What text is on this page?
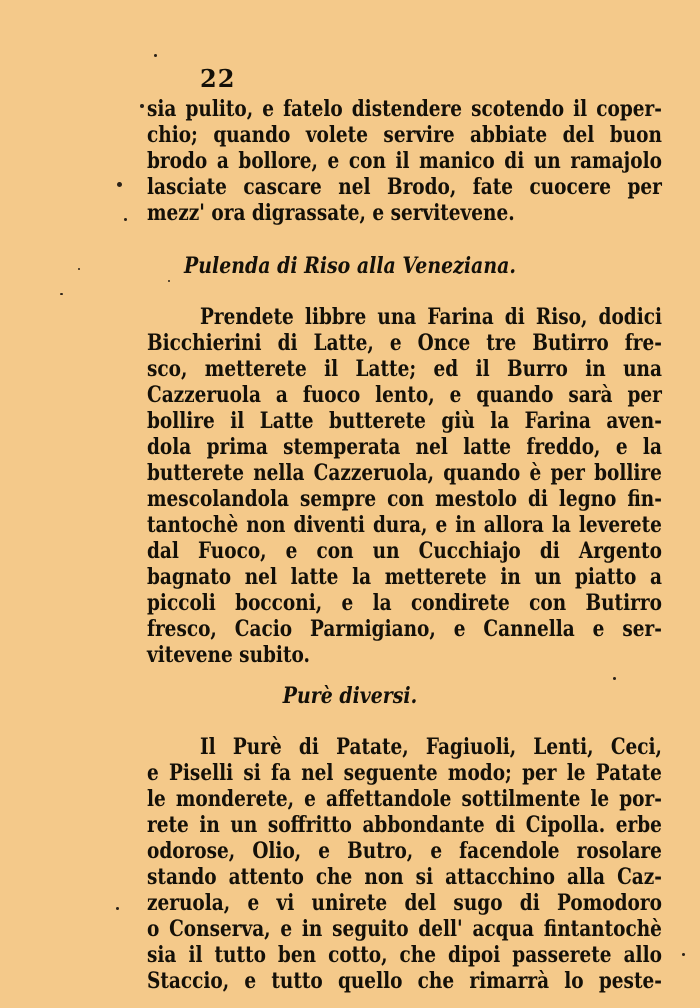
22
sia pulito, e fatelo distendere scotendo il coper-
chio; quando volete servire abbiate del buon
brodo a bollore, e con il manico di un ramajolo
lasciate cascare nel Brodo, fate cuocere per
mezz' ora digrassate, e servitevene.
Pulenda di Riso alla Veneziana.
Prendete libbre una Farina di Riso, dodici
Bicchierini di Latte, e Once tre Butirro fre-
sco, metterete il Latte; ed il Burro in una
Cazzeruola a fuoco lento, e quando sarà per
bollire il Latte butterete giù la Farina aven-
dola prima stemperata nel latte freddo, e la
butterete nella Cazzeruola, quando è per bollire
mescolandola sempre con mestolo di legno fin-
tantochè non diventi dura, e in allora la leverete
dal Fuoco, e con un Cucchiajo di Argento
bagnato nel latte la metterete in un piatto a
piccoli bocconi, e la condirete con Butirro
fresco, Cacio Parmigiano, e Cannella e ser-
vitevene subito.
Purè diversi.
Il Purè di Patate, Fagiuoli, Lenti, Ceci,
e Piselli si fa nel seguente modo; per le Patate
le monderete, e affettandole sottilmente le por-
rete in un soffritto abbondante di Cipolla. erbe
odorose, Olio, e Butro, e facendole rosolare
stando attento che non si attacchino alla Caz-
zeruola, e vi unirete del sugo di Pomodoro
o Conserva, e in seguito dell' acqua fintantochè
sia il tutto ben cotto, che dipoi passerete allo
Staccio, e tutto quello che rimarrà lo peste-
